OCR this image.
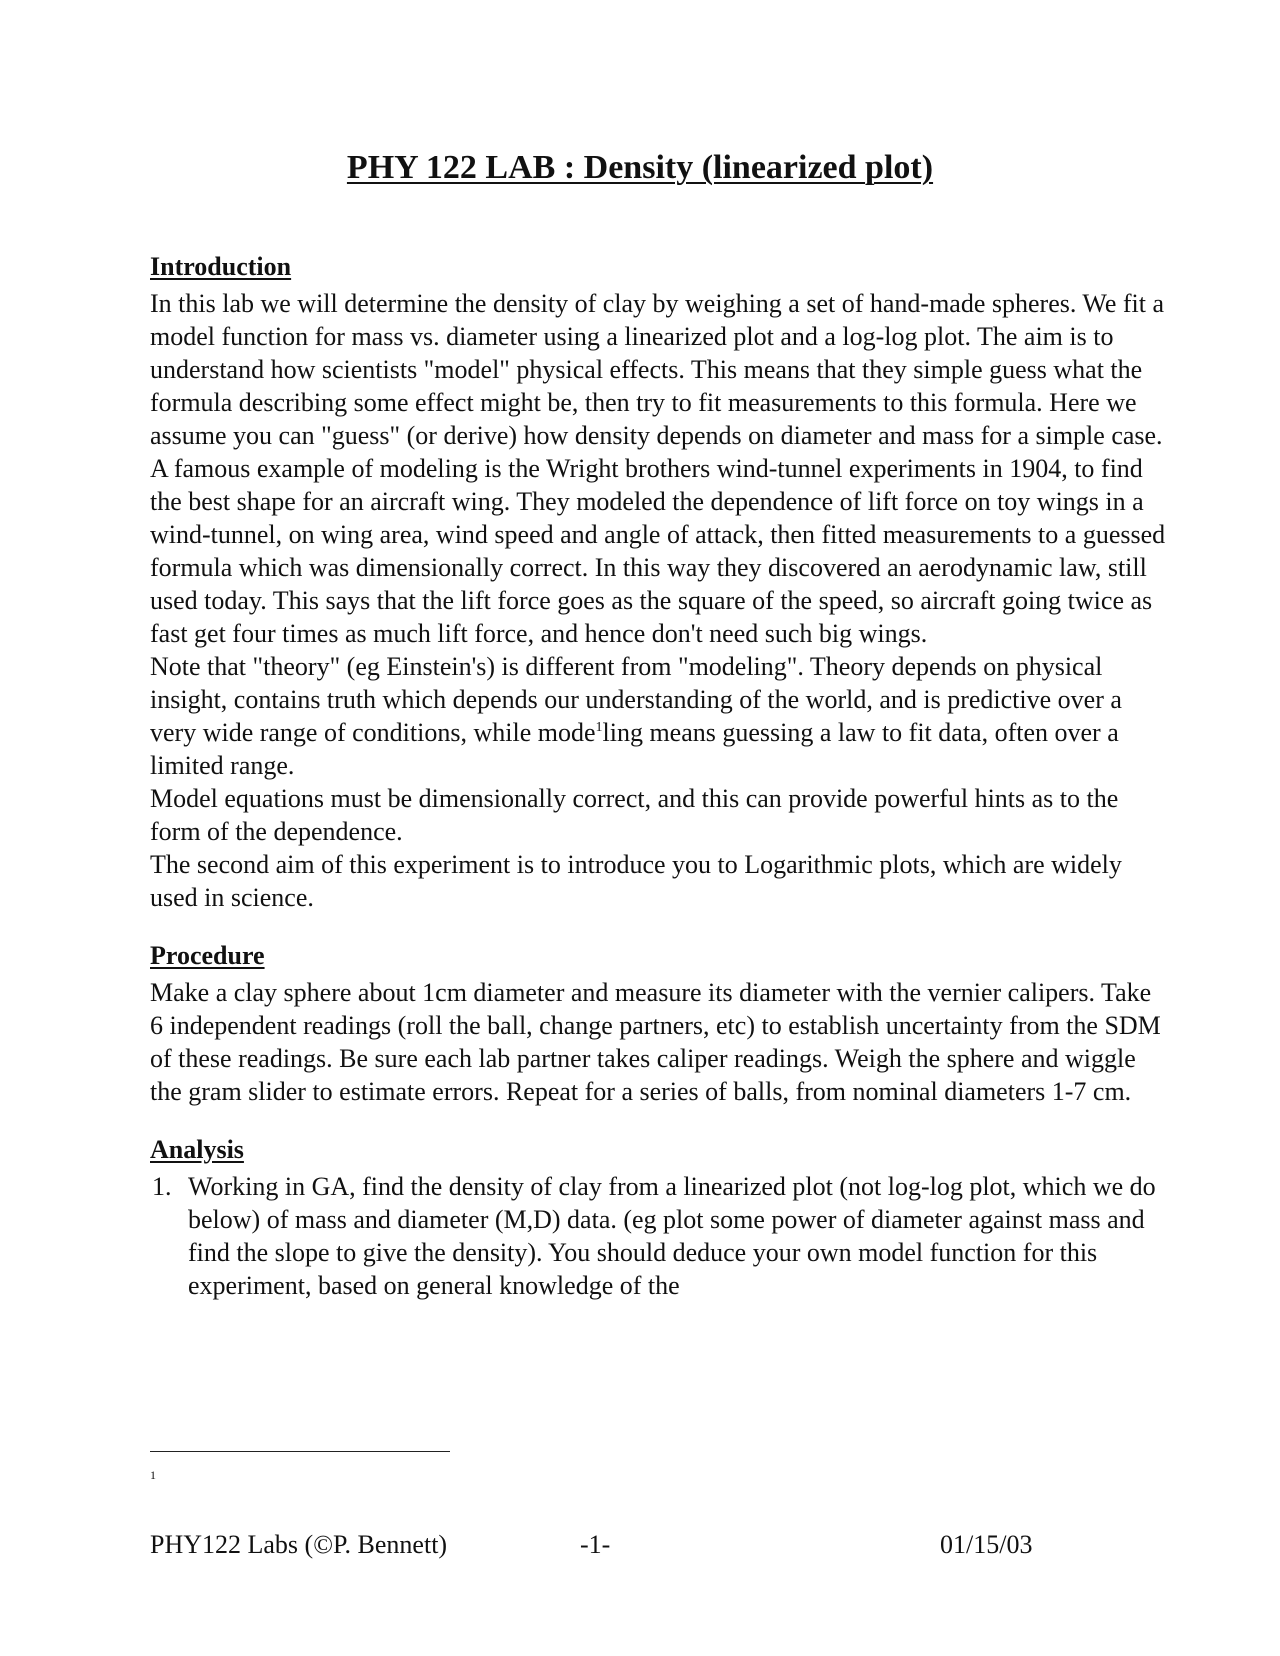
PHY 122 LAB : Density (linearized plot)
Introduction

In this lab we will determine the density of clay by weighing a set of hand-made spheres. We fit a model function for mass vs. diameter using a linearized plot and a log-log plot. The aim is to understand how scientists "model" physical effects. This means that they simple guess what the formula describing some effect might be, then try to fit measurements to this formula. Here we assume you can "guess" (or derive) how density depends on diameter and mass for a simple case.

A famous example of modeling is the Wright brothers wind-tunnel experiments in 1904, to find the best shape for an aircraft wing. They modeled the dependence of lift force on toy wings in a wind-tunnel, on wing area, wind speed and angle of attack, then fitted measurements to a guessed formula which was dimensionally correct. In this way they discovered an aerodynamic law, still used today. This says that the lift force goes as the square of the speed, so aircraft going twice as fast get four times as much lift force, and hence don't need such big wings.

Note that "theory" (eg Einstein's) is different from "modeling". Theory depends on physical insight, contains truth which depends our understanding of the world, and is predictive over a very wide range of conditions, while mode$^1$ling means guessing a law to fit data, often over a limited range.

Model equations must be dimensionally correct, and this can provide powerful hints as to the form of the dependence.

The second aim of this experiment is to introduce you to Logarithmic plots, which are widely used in science.

Procedure

Make a clay sphere about 1cm diameter and measure its diameter with the vernier calipers. Take 6 independent readings (roll the ball, change partners, etc) to establish uncertainty from the SDM of these readings. Be sure each lab partner takes caliper readings. Weigh the sphere and wiggle the gram slider to estimate errors. Repeat for a series of balls, from nominal diameters 1-7 cm.

Analysis
1. Working in GA, find the density of clay from a linearized plot (not log-log plot, which we do below) of mass and diameter (M,D) data. (eg plot some power of diameter against mass and find the slope to give the density). You should deduce your own model function for this experiment, based on general knowledge of the
1
PHY122 Labs (©P. Bennett)	-1-	01/15/03
